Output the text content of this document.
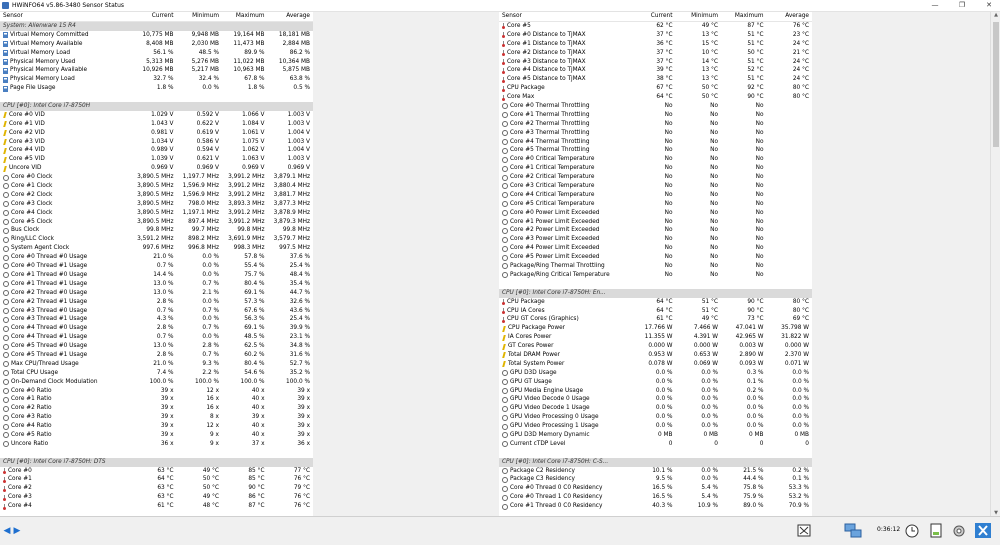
HWiNFO64 v5.86-3480 Sensor Status	—	❐	✕
Sensor	Current	Minimum	Maximum	Average
System: Alienware 15 R4
Virtual Memory Committed	10,775 MB	9,948 MB	19,164 MB	18,181 MB
Virtual Memory Available	8,408 MB	2,030 MB	11,473 MB	2,884 MB
Virtual Memory Load	56.1 %	48.5 %	89.9 %	86.2 %
Physical Memory Used	5,313 MB	5,276 MB	11,022 MB	10,364 MB
Physical Memory Available	10,926 MB	5,217 MB	10,963 MB	5,875 MB
Physical Memory Load	32.7 %	32.4 %	67.8 %	63.8 %
Page File Usage	1.8 %	0.0 %	1.8 %	0.5 %
CPU [#0]: Intel Core i7-8750H
Core #0 VID	1.029 V	0.592 V	1.066 V	1.003 V
Core #1 VID	1.043 V	0.622 V	1.084 V	1.003 V
Core #2 VID	0.981 V	0.619 V	1.061 V	1.004 V
Core #3 VID	1.034 V	0.586 V	1.075 V	1.003 V
Core #4 VID	0.989 V	0.594 V	1.062 V	1.004 V
Core #5 VID	1.039 V	0.621 V	1.063 V	1.003 V
Uncore VID	0.969 V	0.969 V	0.969 V	0.969 V
Core #0 Clock	3,890.5 MHz	1,197.7 MHz	3,991.2 MHz	3,879.1 MHz
Core #1 Clock	3,890.5 MHz	1,596.9 MHz	3,991.2 MHz	3,880.4 MHz
Core #2 Clock	3,890.5 MHz	1,596.9 MHz	3,991.2 MHz	3,881.7 MHz
Core #3 Clock	3,890.5 MHz	798.0 MHz	3,893.3 MHz	3,877.3 MHz
Core #4 Clock	3,890.5 MHz	1,197.1 MHz	3,991.2 MHz	3,878.9 MHz
Core #5 Clock	3,890.5 MHz	897.4 MHz	3,991.2 MHz	3,879.3 MHz
Bus Clock	99.8 MHz	99.7 MHz	99.8 MHz	99.8 MHz
Ring/LLC Clock	3,591.2 MHz	898.2 MHz	3,691.9 MHz	3,579.7 MHz
System Agent Clock	997.6 MHz	996.8 MHz	998.3 MHz	997.5 MHz
Core #0 Thread #0 Usage	21.0 %	0.0 %	57.8 %	37.6 %
Core #0 Thread #1 Usage	0.7 %	0.0 %	55.4 %	25.4 %
Core #1 Thread #0 Usage	14.4 %	0.0 %	75.7 %	48.4 %
Core #1 Thread #1 Usage	13.0 %	0.7 %	80.4 %	35.4 %
Core #2 Thread #0 Usage	13.0 %	2.1 %	69.1 %	44.7 %
Core #2 Thread #1 Usage	2.8 %	0.0 %	57.3 %	32.6 %
Core #3 Thread #0 Usage	0.7 %	0.7 %	67.6 %	43.6 %
Core #3 Thread #1 Usage	4.3 %	0.0 %	56.3 %	25.4 %
Core #4 Thread #0 Usage	2.8 %	0.7 %	69.1 %	39.9 %
Core #4 Thread #1 Usage	0.7 %	0.0 %	48.5 %	23.1 %
Core #5 Thread #0 Usage	13.0 %	2.8 %	62.5 %	34.8 %
Core #5 Thread #1 Usage	2.8 %	0.7 %	60.2 %	31.6 %
Max CPU/Thread Usage	21.0 %	9.3 %	80.4 %	52.7 %
Total CPU Usage	7.4 %	2.2 %	54.6 %	35.2 %
On-Demand Clock Modulation	100.0 %	100.0 %	100.0 %	100.0 %
Core #0 Ratio	39 x	12 x	40 x	39 x
Core #1 Ratio	39 x	16 x	40 x	39 x
Core #2 Ratio	39 x	16 x	40 x	39 x
Core #3 Ratio	39 x	8 x	39 x	39 x
Core #4 Ratio	39 x	12 x	40 x	39 x
Core #5 Ratio	39 x	9 x	40 x	39 x
Uncore Ratio	36 x	9 x	37 x	36 x
CPU [#0]: Intel Core i7-8750H: DTS
Core #0	63 °C	49 °C	85 °C	77 °C
Core #1	64 °C	50 °C	85 °C	76 °C
Core #2	63 °C	50 °C	90 °C	79 °C
Core #3	63 °C	49 °C	86 °C	76 °C
Core #4	61 °C	48 °C	87 °C	76 °C
Sensor	Current	Minimum	Maximum	Average
Core #5	62 °C	49 °C	87 °C	76 °C
Core #0 Distance to TjMAX	37 °C	13 °C	51 °C	23 °C
Core #1 Distance to TjMAX	36 °C	15 °C	51 °C	24 °C
Core #2 Distance to TjMAX	37 °C	10 °C	50 °C	21 °C
Core #3 Distance to TjMAX	37 °C	14 °C	51 °C	24 °C
Core #4 Distance to TjMAX	39 °C	13 °C	52 °C	24 °C
Core #5 Distance to TjMAX	38 °C	13 °C	51 °C	24 °C
CPU Package	67 °C	50 °C	92 °C	80 °C
Core Max	64 °C	50 °C	90 °C	80 °C
Core #0 Thermal Throttling	No	No	No
Core #1 Thermal Throttling	No	No	No
Core #2 Thermal Throttling	No	No	No
Core #3 Thermal Throttling	No	No	No
Core #4 Thermal Throttling	No	No	No
Core #5 Thermal Throttling	No	No	No
Core #0 Critical Temperature	No	No	No
Core #1 Critical Temperature	No	No	No
Core #2 Critical Temperature	No	No	No
Core #3 Critical Temperature	No	No	No
Core #4 Critical Temperature	No	No	No
Core #5 Critical Temperature	No	No	No
Core #0 Power Limit Exceeded	No	No	No
Core #1 Power Limit Exceeded	No	No	No
Core #2 Power Limit Exceeded	No	No	No
Core #3 Power Limit Exceeded	No	No	No
Core #4 Power Limit Exceeded	No	No	No
Core #5 Power Limit Exceeded	No	No	No
Package/Ring Thermal Throttling	No	No	No
Package/Ring Critical Temperature	No	No	No
CPU [#0]: Intel Core i7-8750H: En...
CPU Package	64 °C	51 °C	90 °C	80 °C
CPU IA Cores	64 °C	51 °C	90 °C	80 °C
CPU GT Cores (Graphics)	61 °C	49 °C	73 °C	69 °C
CPU Package Power	17.766 W	7.466 W	47.041 W	35.798 W
IA Cores Power	11.355 W	4.391 W	42.965 W	31.822 W
GT Cores Power	0.000 W	0.000 W	0.003 W	0.000 W
Total DRAM Power	0.953 W	0.653 W	2.890 W	2.370 W
Total System Power	0.078 W	0.069 W	0.093 W	0.071 W
GPU D3D Usage	0.0 %	0.0 %	0.3 %	0.0 %
GPU GT Usage	0.0 %	0.0 %	0.1 %	0.0 %
GPU Media Engine Usage	0.0 %	0.0 %	0.2 %	0.0 %
GPU Video Decode 0 Usage	0.0 %	0.0 %	0.0 %	0.0 %
GPU Video Decode 1 Usage	0.0 %	0.0 %	0.0 %	0.0 %
GPU Video Processing 0 Usage	0.0 %	0.0 %	0.0 %	0.0 %
GPU Video Processing 1 Usage	0.0 %	0.0 %	0.0 %	0.0 %
GPU D3D Memory Dynamic	0 MB	0 MB	0 MB	0 MB
Current cTDP Level	0	0	0	0
CPU [#0]: Intel Core i7-8750H: C-S...
Package C2 Residency	10.1 %	0.0 %	21.5 %	0.2 %
Package C3 Residency	9.5 %	0.0 %	44.4 %	0.1 %
Core #0 Thread 0 C0 Residency	16.5 %	5.4 %	75.8 %	53.3 %
Core #0 Thread 1 C0 Residency	16.5 %	5.4 %	75.9 %	53.2 %
Core #1 Thread 0 C0 Residency	40.3 %	10.9 %	89.0 %	70.9 %
▲
▼
◀ ▶	0:36:12
